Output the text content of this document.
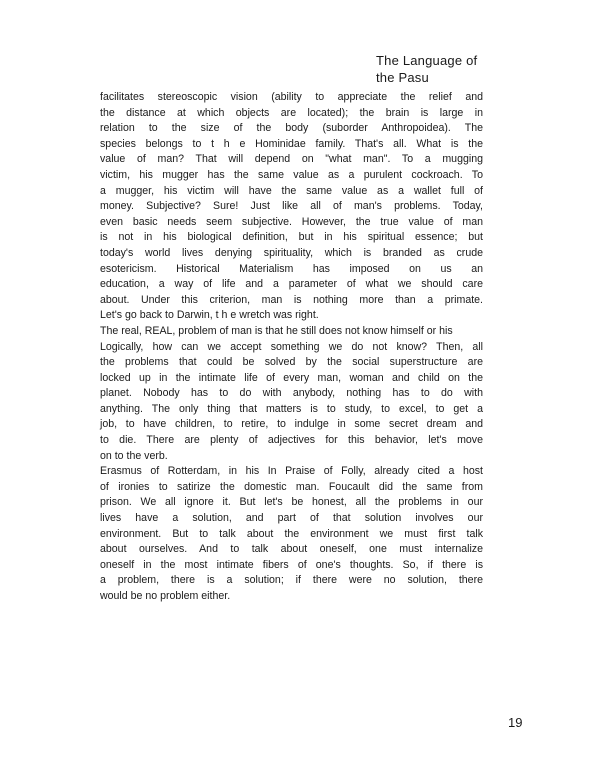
The Language of
the Pasu

facilitates stereoscopic vision (ability to appreciate the relief and
the distance at which objects are located); the brain is large in
relation to the size of the body (suborder Anthropoidea). The
species belongs to t h e Hominidae family. That's all. What is the
value of man? That will depend on "what man". To a mugging
victim, his mugger has the same value as a purulent cockroach. To
a mugger, his victim will have the same value as a wallet full of
money. Subjective? Sure! Just like all of man's problems. Today,
even basic needs seem subjective. However, the true value of man
is not in his biological definition, but in his spiritual essence; but
today's world lives denying spirituality, which is branded as crude
esotericism. Historical Materialism has imposed on us an
education, a way of life and a parameter of what we should care
about. Under this criterion, man is nothing more than a primate.
Let's go back to Darwin, t h e wretch was right.

The real, REAL, problem of man is that he still does not know himself or his
Logically, how can we accept something we do not know? Then, all
the problems that could be solved by the social superstructure are
locked up in the intimate life of every man, woman and child on the
planet. Nobody has to do with anybody, nothing has to do with
anything. The only thing that matters is to study, to excel, to get a
job, to have children, to retire, to indulge in some secret dream and
to die. There are plenty of adjectives for this behavior, let's move
on to the verb.

Erasmus of Rotterdam, in his In Praise of Folly, already cited a host
of ironies to satirize the domestic man. Foucault did the same from
prison. We all ignore it. But let's be honest, all the problems in our
lives have a solution, and part of that solution involves our
environment. But to talk about the environment we must first talk
about ourselves. And to talk about oneself, one must internalize
oneself in the most intimate fibers of one's thoughts. So, if there is
a problem, there is a solution; if there were no solution, there
would be no problem either.

19
